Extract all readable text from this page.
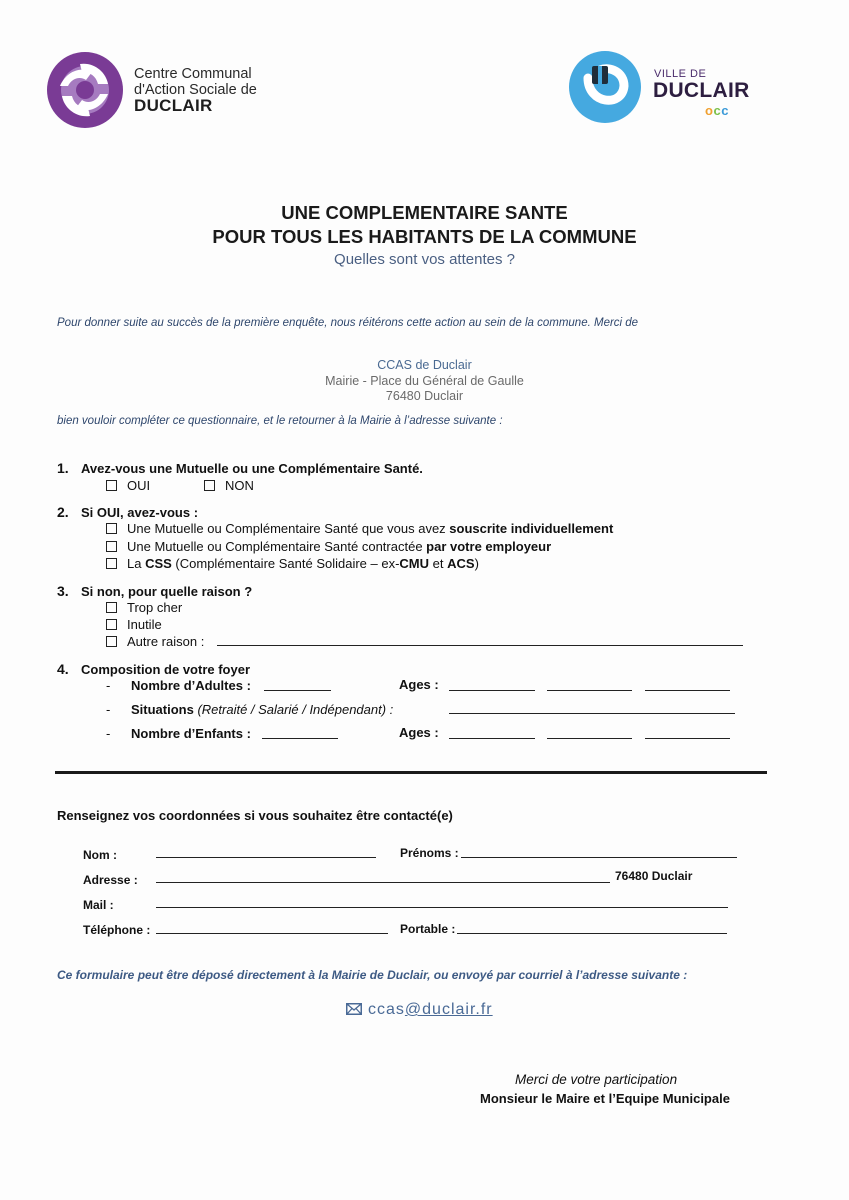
Centre Communal
d'Action Sociale de
DUCLAIR
VILLE DE
DUCLAIR
occ
UNE COMPLEMENTAIRE SANTE
POUR TOUS LES HABITANTS DE LA COMMUNE
Quelles sont vos attentes ?
Pour donner suite au succès de la première enquête, nous réitérons cette action au sein de la commune. Merci de
CCAS de Duclair
Mairie - Place du Général de Gaulle
76480 Duclair
bien vouloir compléter ce questionnaire, et le retourner à la Mairie à l’adresse suivante :
1. Avez-vous une Mutuelle ou une Complémentaire Santé.
OUI	NON
2. Si OUI, avez-vous :
Une Mutuelle ou Complémentaire Santé que vous avez souscrite individuellement
Une Mutuelle ou Complémentaire Santé contractée par votre employeur
La CSS (Complémentaire Santé Solidaire – ex-CMU et ACS)
3. Si non, pour quelle raison ?
Trop cher
Inutile
Autre raison :
4. Composition de votre foyer
- Nombre d’Adultes :	Ages :
- Situations (Retraité / Salarié / Indépendant) :
- Nombre d’Enfants :	Ages :
Renseignez vos coordonnées si vous souhaitez être contacté(e)
Nom :	Prénoms :
Adresse :	76480 Duclair
Mail :
Téléphone :	Portable :
Ce formulaire peut être déposé directement à la Mairie de Duclair, ou envoyé par courriel à l’adresse suivante :
ccas@duclair.fr
Merci de votre participation
Monsieur le Maire et l’Equipe Municipale
